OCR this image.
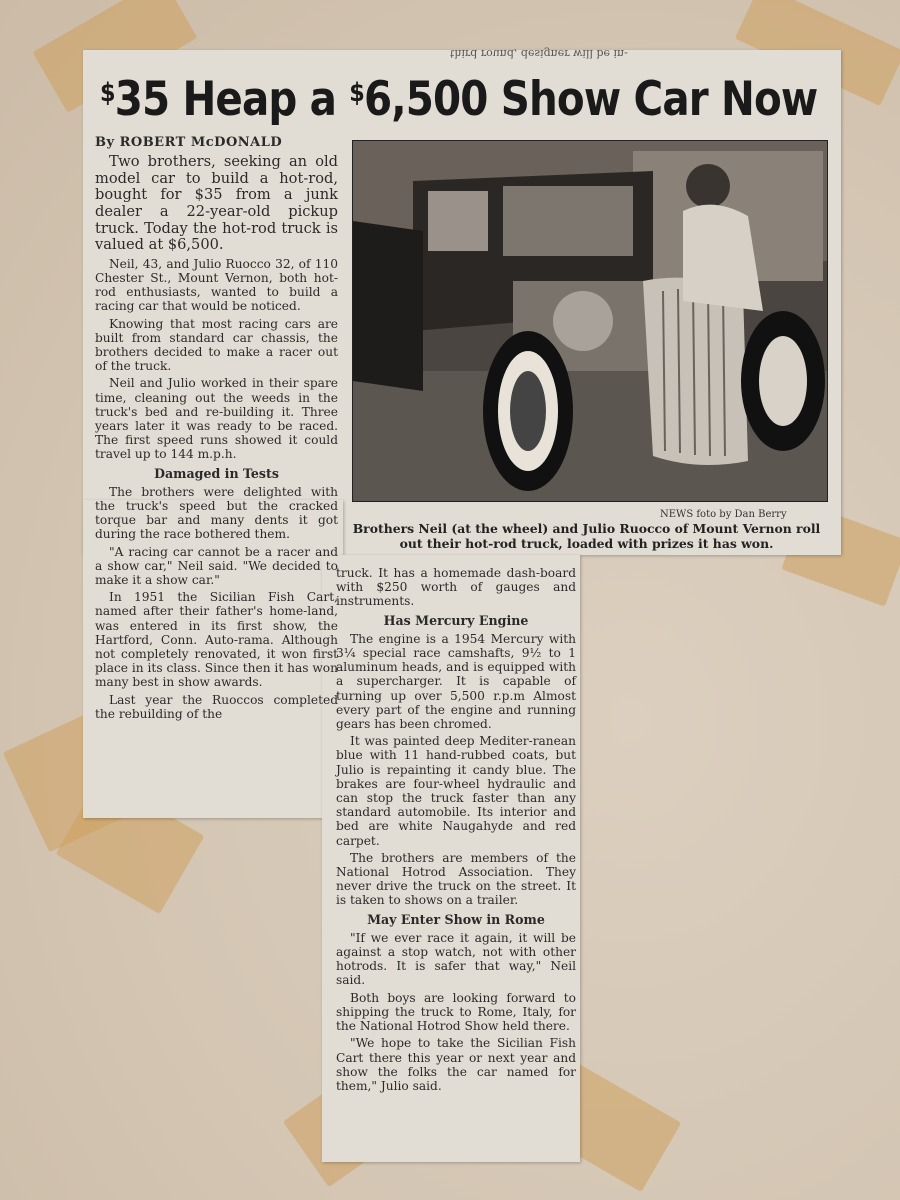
third round, designer will be in-
$35 Heap a $6,500 Show Car Now
By ROBERT McDONALD

Two brothers, seeking an old model car to build a hot-rod, bought for $35 from a junk dealer a 22-year-old pickup truck. Today the hot-rod truck is valued at $6,500.

Neil, 43, and Julio Ruocco 32, of 110 Chester St., Mount Vernon, both hot-rod enthusiasts, wanted to build a racing car that would be noticed.

Knowing that most racing cars are built from standard car chassis, the brothers decided to make a racer out of the truck.

Neil and Julio worked in their spare time, cleaning out the weeds in the truck's bed and re-building it. Three years later it was ready to be raced. The first speed runs showed it could travel up to 144 m.p.h.

Damaged in Tests

The brothers were delighted with the truck's speed but the cracked torque bar and many dents it got during the race bothered them.

"A racing car cannot be a racer and a show car," Neil said. "We decided to make it a show car."

In 1951 the Sicilian Fish Cart, named after their father's home-land, was entered in its first show, the Hartford, Conn. Auto-rama. Although not completely renovated, it won first place in its class. Since then it has won many best in show awards.

Last year the Ruoccos completed the rebuilding of the

NEWS foto by Dan Berry
Brothers Neil (at the wheel) and Julio Ruocco of Mount Vernon roll out their hot-rod truck, loaded with prizes it has won.

truck. It has a homemade dash-board with $250 worth of gauges and instruments.

Has Mercury Engine

The engine is a 1954 Mercury with 3¼ special race camshafts, 9½ to 1 aluminum heads, and is equipped with a supercharger. It is capable of turning up over 5,500 r.p.m Almost every part of the engine and running gears has been chromed.

It was painted deep Mediter-ranean blue with 11 hand-rubbed coats, but Julio is repainting it candy blue. The brakes are four-wheel hydraulic and can stop the truck faster than any standard automobile. Its interior and bed are white Naugahyde and red carpet.

The brothers are members of the National Hotrod Association. They never drive the truck on the street. It is taken to shows on a trailer.

May Enter Show in Rome

"If we ever race it again, it will be against a stop watch, not with other hotrods. It is safer that way," Neil said.

Both boys are looking forward to shipping the truck to Rome, Italy, for the National Hotrod Show held there.

"We hope to take the Sicilian Fish Cart there this year or next year and show the folks the car named for them," Julio said.
